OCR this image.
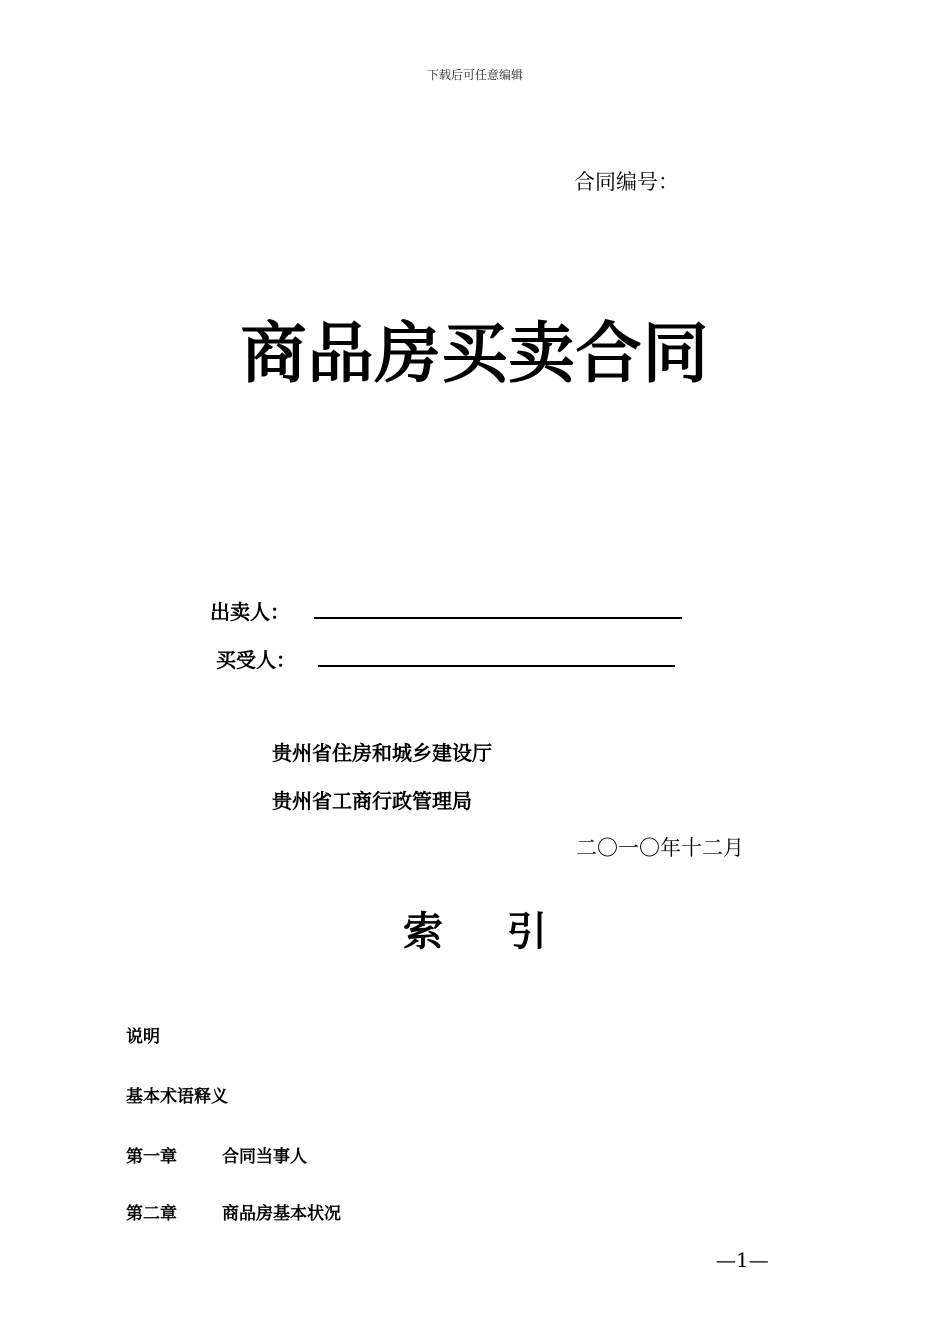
下载后可任意编辑
合同编号：
商品房买卖合同
出卖人：
买受人：
贵州省住房和城乡建设厅
贵州省工商行政管理局
二〇一〇年十二月
索 引
说明
基本术语释义
第一章	合同当事人
第二章	商品房基本状况
—1—
